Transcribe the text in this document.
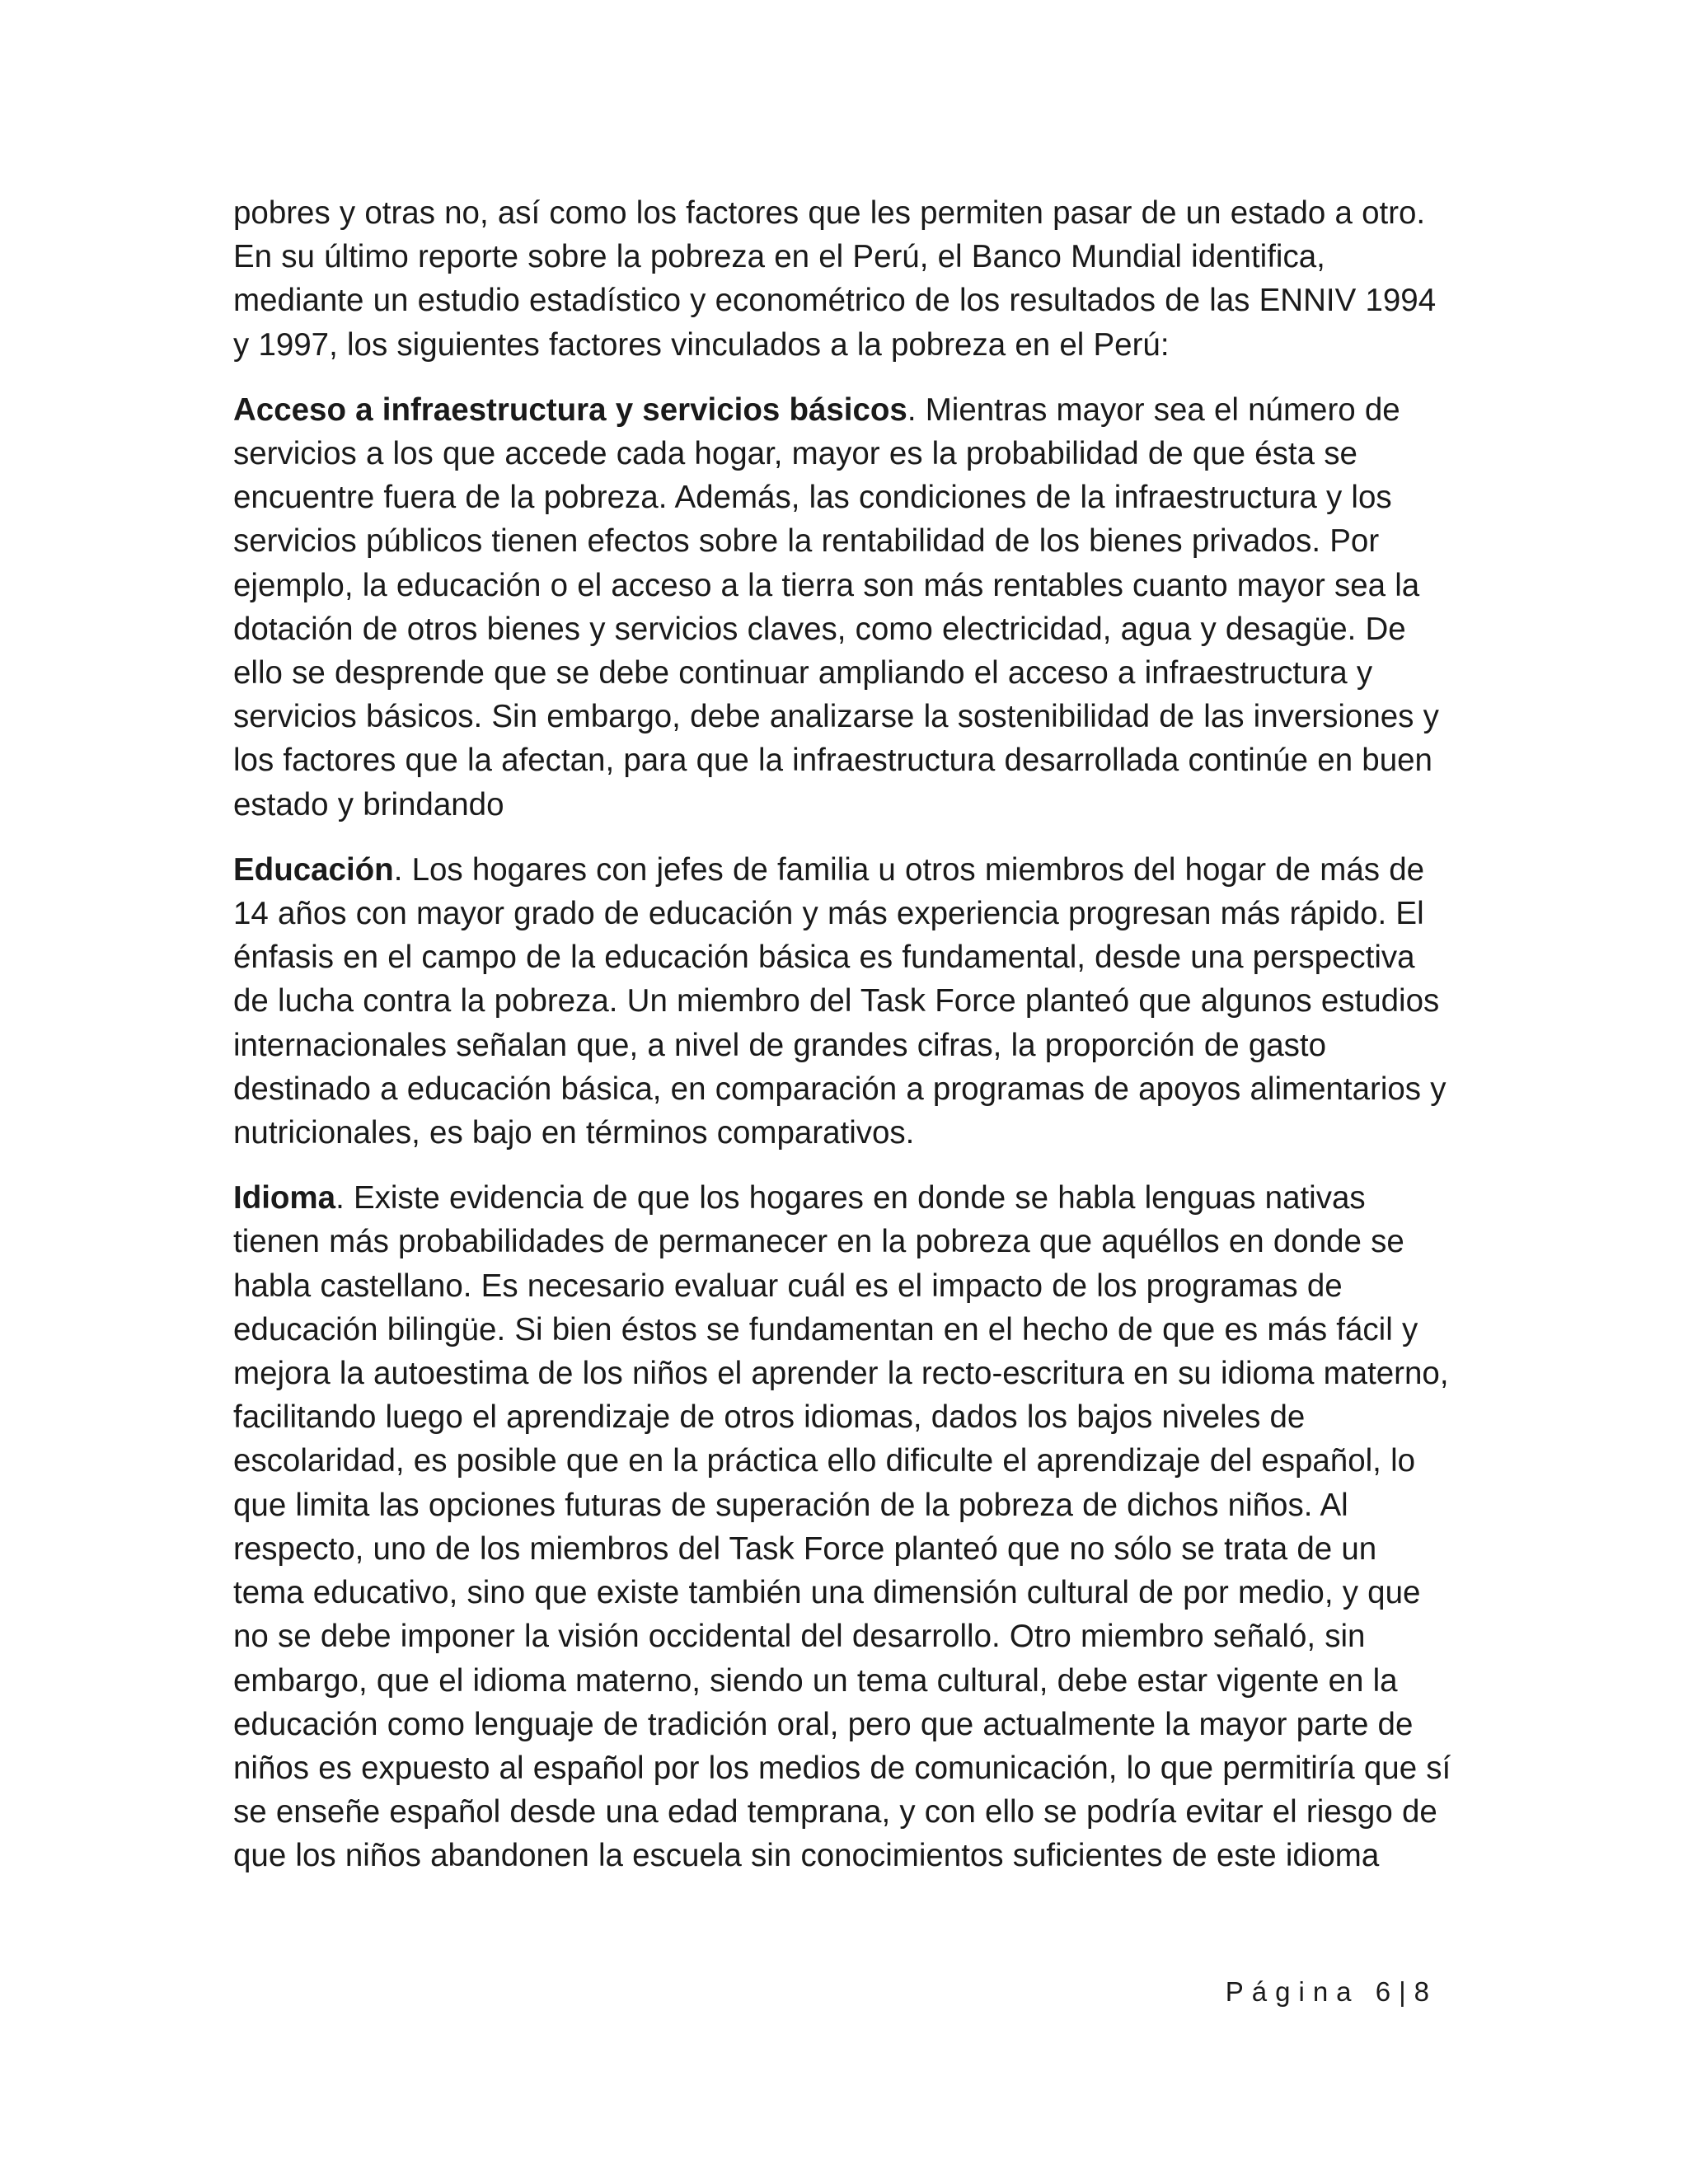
pobres y otras no, así como los factores que les permiten pasar de un estado a otro. En su último reporte sobre la pobreza en el Perú, el Banco Mundial identifica, mediante un estudio estadístico y econométrico de los resultados de las ENNIV 1994 y 1997, los siguientes factores vinculados a la pobreza en el Perú:

Acceso a infraestructura y servicios básicos. Mientras mayor sea el número de servicios a los que accede cada hogar, mayor es la probabilidad de que ésta se encuentre fuera de la pobreza. Además, las condiciones de la infraestructura y los servicios públicos tienen efectos sobre la rentabilidad de los bienes privados. Por ejemplo, la educación o el acceso a la tierra son más rentables cuanto mayor sea la dotación de otros bienes y servicios claves, como electricidad, agua y desagüe. De ello se desprende que se debe continuar ampliando el acceso a infraestructura y servicios básicos. Sin embargo, debe analizarse la sostenibilidad de las inversiones y los factores que la afectan, para que la infraestructura desarrollada continúe en buen estado y brindando

Educación. Los hogares con jefes de familia u otros miembros del hogar de más de 14 años con mayor grado de educación y más experiencia progresan más rápido. El énfasis en el campo de la educación básica es fundamental, desde una perspectiva de lucha contra la pobreza. Un miembro del Task Force planteó que algunos estudios internacionales señalan que, a nivel de grandes cifras, la proporción de gasto destinado a educación básica, en comparación a programas de apoyos alimentarios y nutricionales, es bajo en términos comparativos.

Idioma. Existe evidencia de que los hogares en donde se habla lenguas nativas tienen más probabilidades de permanecer en la pobreza que aquéllos en donde se habla castellano. Es necesario evaluar cuál es el impacto de los programas de educación bilingüe. Si bien éstos se fundamentan en el hecho de que es más fácil y mejora la autoestima de los niños el aprender la recto-escritura en su idioma materno, facilitando luego el aprendizaje de otros idiomas, dados los bajos niveles de escolaridad, es posible que en la práctica ello dificulte el aprendizaje del español, lo que limita las opciones futuras de superación de la pobreza de dichos niños. Al respecto, uno de los miembros del Task Force planteó que no sólo se trata de un tema educativo, sino que existe también una dimensión cultural de por medio, y que no se debe imponer la visión occidental del desarrollo. Otro miembro señaló, sin embargo, que el idioma materno, siendo un tema cultural, debe estar vigente en la educación como lenguaje de tradición oral, pero que actualmente la mayor parte de niños es expuesto al español por los medios de comunicación, lo que permitiría que sí se enseñe español desde una edad temprana, y con ello se podría evitar el riesgo de que los niños abandonen la escuela sin conocimientos suficientes de este idioma

Página 6 | 8
